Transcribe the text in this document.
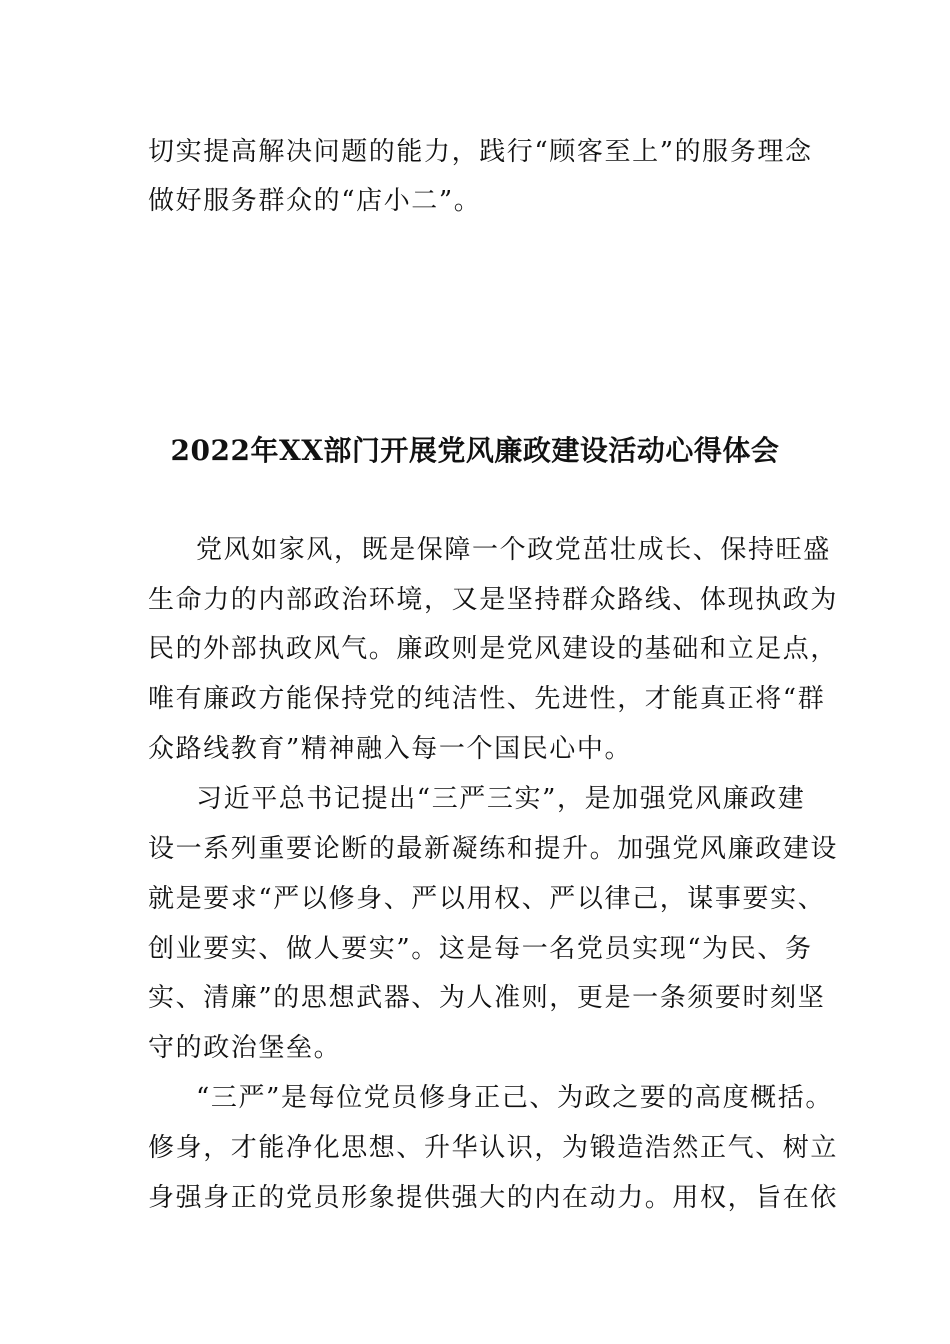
切实提高解决问题的能力，践行“顾客至上”的服务理念
做好服务群众的“店小二”。
2022年XX部门开展党风廉政建设活动心得体会
党风如家风，既是保障一个政党茁壮成长、保持旺盛
生命力的内部政治环境，又是坚持群众路线、体现执政为
民的外部执政风气。廉政则是党风建设的基础和立足点，
唯有廉政方能保持党的纯洁性、先进性，才能真正将“群
众路线教育”精神融入每一个国民心中。
习近平总书记提出“三严三实”，是加强党风廉政建
设一系列重要论断的最新凝练和提升。加强党风廉政建设
就是要求“严以修身、严以用权、严以律己，谋事要实、
创业要实、做人要实”。这是每一名党员实现“为民、务
实、清廉”的思想武器、为人准则，更是一条须要时刻坚
守的政治堡垒。
“三严”是每位党员修身正己、为政之要的高度概括。
修身，才能净化思想、升华认识，为锻造浩然正气、树立
身强身正的党员形象提供强大的内在动力。用权，旨在依
